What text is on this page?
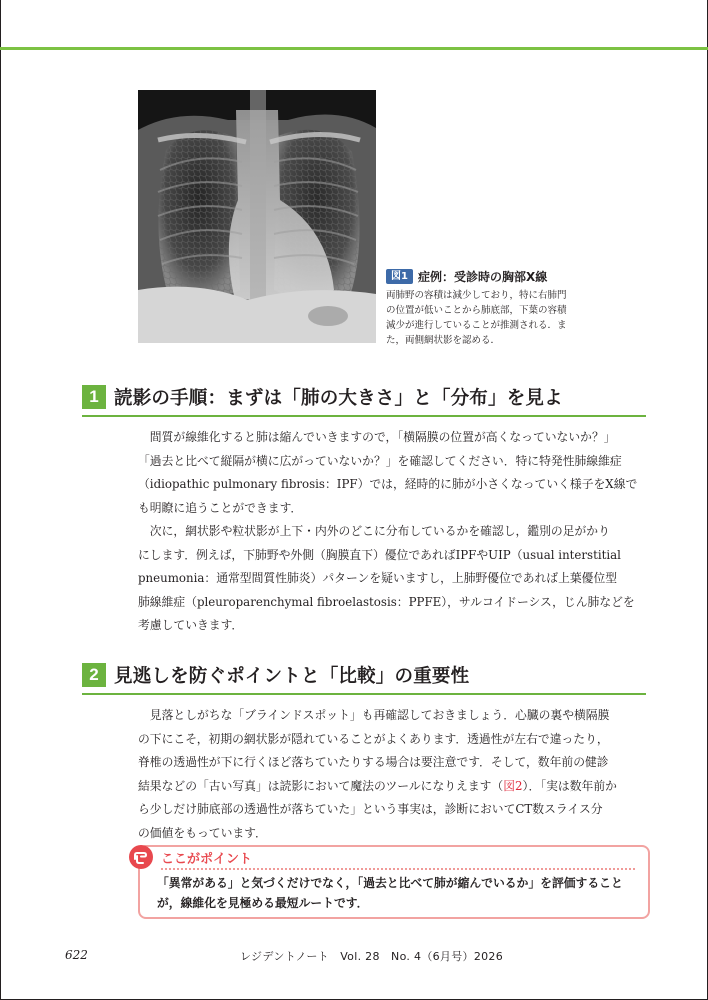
図1 症例：受診時の胸部X線
両肺野の容積は減少しており，特に右肺門
の位置が低いことから肺底部，下葉の容積
減少が進行していることが推測される．ま
た，両側網状影を認める．
1 読影の手順：まずは「肺の大きさ」と「分布」を見よ
　間質が線維化すると肺は縮んでいきますので，「横隔膜の位置が高くなっていないか？」
「過去と比べて縦隔が横に広がっていないか？」を確認してください．特に特発性肺線維症
（idiopathic pulmonary fibrosis：IPF）では，経時的に肺が小さくなっていく様子をX線で
も明瞭に追うことができます．
　次に，網状影や粒状影が上下・内外のどこに分布しているかを確認し，鑑別の足がかり
にします．例えば，下肺野や外側（胸膜直下）優位であればIPFやUIP（usual interstitial
pneumonia：通常型間質性肺炎）パターンを疑いますし，上肺野優位であれば上葉優位型
肺線維症（pleuroparenchymal fibroelastosis：PPFE），サルコイドーシス，じん肺などを
考慮していきます．
2 見逃しを防ぐポイントと「比較」の重要性
　見落としがちな「ブラインドスポット」も再確認しておきましょう．心臓の裏や横隔膜
の下にこそ，初期の網状影が隠れていることがよくあります．透過性が左右で違ったり，
脊椎の透過性が下に行くほど落ちていたりする場合は要注意です．そして，数年前の健診
結果などの「古い写真」は読影において魔法のツールになりえます（図2）．「実は数年前か
ら少しだけ肺底部の透過性が落ちていた」という事実は，診断においてCT数スライス分
の価値をもっています．
ここがポイント
「異常がある」と気づくだけでなく，「過去と比べて肺が縮んでいるか」を評価すること
が，線維化を見極める最短ルートです．
622	レジデントノート　Vol. 28　No. 4（6月号）2026
